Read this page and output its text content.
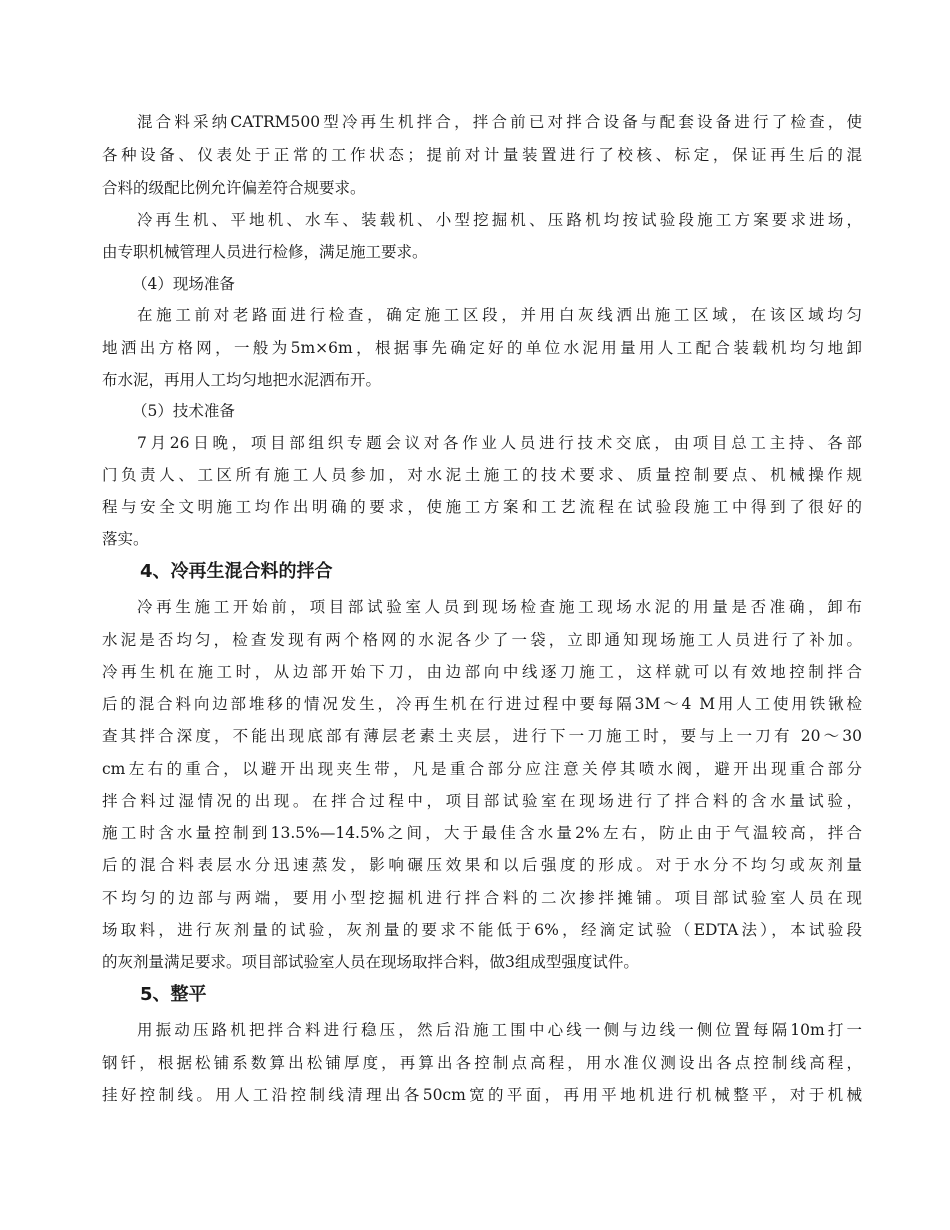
混合料采纳CATRM500型冷再生机拌合，拌合前已对拌合设备与配套设备进行了检查，使
各种设备、仪表处于正常的工作状态；提前对计量装置进行了校核、标定，保证再生后的混
合料的级配比例允许偏差符合规要求。
冷再生机、平地机、水车、装载机、小型挖掘机、压路机均按试验段施工方案要求进场，
由专职机械管理人员进行检修，满足施工要求。
（4）现场准备
在施工前对老路面进行检查，确定施工区段，并用白灰线洒出施工区域，在该区域均匀
地洒出方格网，一般为5m×6m，根据事先确定好的单位水泥用量用人工配合装载机均匀地卸
布水泥，再用人工均匀地把水泥洒布开。
（5）技术准备
7月26日晚，项目部组织专题会议对各作业人员进行技术交底，由项目总工主持、各部
门负责人、工区所有施工人员参加，对水泥土施工的技术要求、质量控制要点、机械操作规
程与安全文明施工均作出明确的要求，使施工方案和工艺流程在试验段施工中得到了很好的
落实。
4、冷再生混合料的拌合
冷再生施工开始前，项目部试验室人员到现场检查施工现场水泥的用量是否准确，卸布
水泥是否均匀，检查发现有两个格网的水泥各少了一袋，立即通知现场施工人员进行了补加。
冷再生机在施工时，从边部开始下刀，由边部向中线逐刀施工，这样就可以有效地控制拌合
后的混合料向边部堆移的情况发生，冷再生机在行进过程中要每隔3M～4 M用人工使用铁锹检
查其拌合深度，不能出现底部有薄层老素土夹层，进行下一刀施工时，要与上一刀有 20～30
cm左右的重合，以避开出现夹生带，凡是重合部分应注意关停其喷水阀，避开出现重合部分
拌合料过湿情况的出现。在拌合过程中，项目部试验室在现场进行了拌合料的含水量试验，
施工时含水量控制到13.5%—14.5%之间，大于最佳含水量2%左右，防止由于气温较高，拌合
后的混合料表层水分迅速蒸发，影响碾压效果和以后强度的形成。对于水分不均匀或灰剂量
不均匀的边部与两端，要用小型挖掘机进行拌合料的二次掺拌摊铺。项目部试验室人员在现
场取料，进行灰剂量的试验，灰剂量的要求不能低于6%，经滴定试验（EDTA法），本试验段
的灰剂量满足要求。项目部试验室人员在现场取拌合料，做3组成型强度试件。
5、整平
用振动压路机把拌合料进行稳压，然后沿施工围中心线一侧与边线一侧位置每隔10m打一
钢钎，根据松铺系数算出松铺厚度，再算出各控制点高程，用水准仪测设出各点控制线高程，
挂好控制线。用人工沿控制线清理出各50cm宽的平面，再用平地机进行机械整平，对于机械
